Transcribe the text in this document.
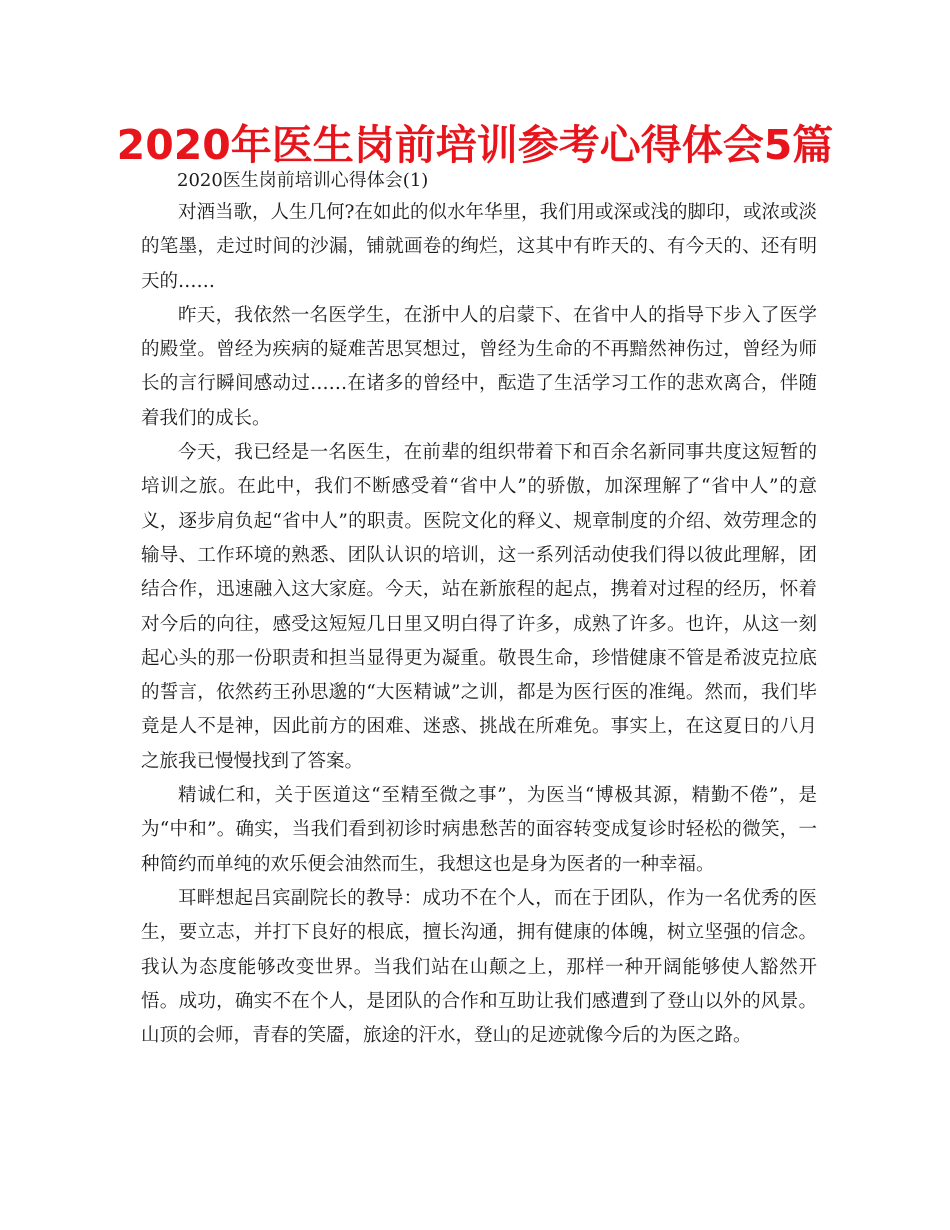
2020年医生岗前培训参考心得体会5篇
2020医生岗前培训心得体会(1)

对酒当歌，人生几何?在如此的似水年华里，我们用或深或浅的脚印，或浓或淡的笔墨，走过时间的沙漏，铺就画卷的绚烂，这其中有昨天的、有今天的、还有明天的……

昨天，我依然一名医学生，在浙中人的启蒙下、在省中人的指导下步入了医学的殿堂。曾经为疾病的疑难苦思冥想过，曾经为生命的不再黯然神伤过，曾经为师长的言行瞬间感动过……在诸多的曾经中，酝造了生活学习工作的悲欢离合，伴随着我们的成长。

今天，我已经是一名医生，在前辈的组织带着下和百余名新同事共度这短暂的培训之旅。在此中，我们不断感受着“省中人”的骄傲，加深理解了“省中人”的意义，逐步肩负起“省中人”的职责。医院文化的释义、规章制度的介绍、效劳理念的输导、工作环境的熟悉、团队认识的培训，这一系列活动使我们得以彼此理解，团结合作，迅速融入这大家庭。今天，站在新旅程的起点，携着对过程的经历，怀着对今后的向往，感受这短短几日里又明白得了许多，成熟了许多。也许，从这一刻起心头的那一份职责和担当显得更为凝重。敬畏生命，珍惜健康不管是希波克拉底的誓言，依然药王孙思邈的“大医精诚”之训，都是为医行医的准绳。然而，我们毕竟是人不是神，因此前方的困难、迷惑、挑战在所难免。事实上，在这夏日的八月之旅我已慢慢找到了答案。

精诚仁和，关于医道这“至精至微之事”，为医当“博极其源，精勤不倦”，是为“中和”。确实，当我们看到初诊时病患愁苦的面容转变成复诊时轻松的微笑，一种简约而单纯的欢乐便会油然而生，我想这也是身为医者的一种幸福。

耳畔想起吕宾副院长的教导：成功不在个人，而在于团队，作为一名优秀的医生，要立志，并打下良好的根底，擅长沟通，拥有健康的体魄，树立坚强的信念。我认为态度能够改变世界。当我们站在山颠之上，那样一种开阔能够使人豁然开悟。成功，确实不在个人，是团队的合作和互助让我们感遭到了登山以外的风景。山顶的会师，青春的笑靥，旅途的汗水，登山的足迹就像今后的为医之路。
